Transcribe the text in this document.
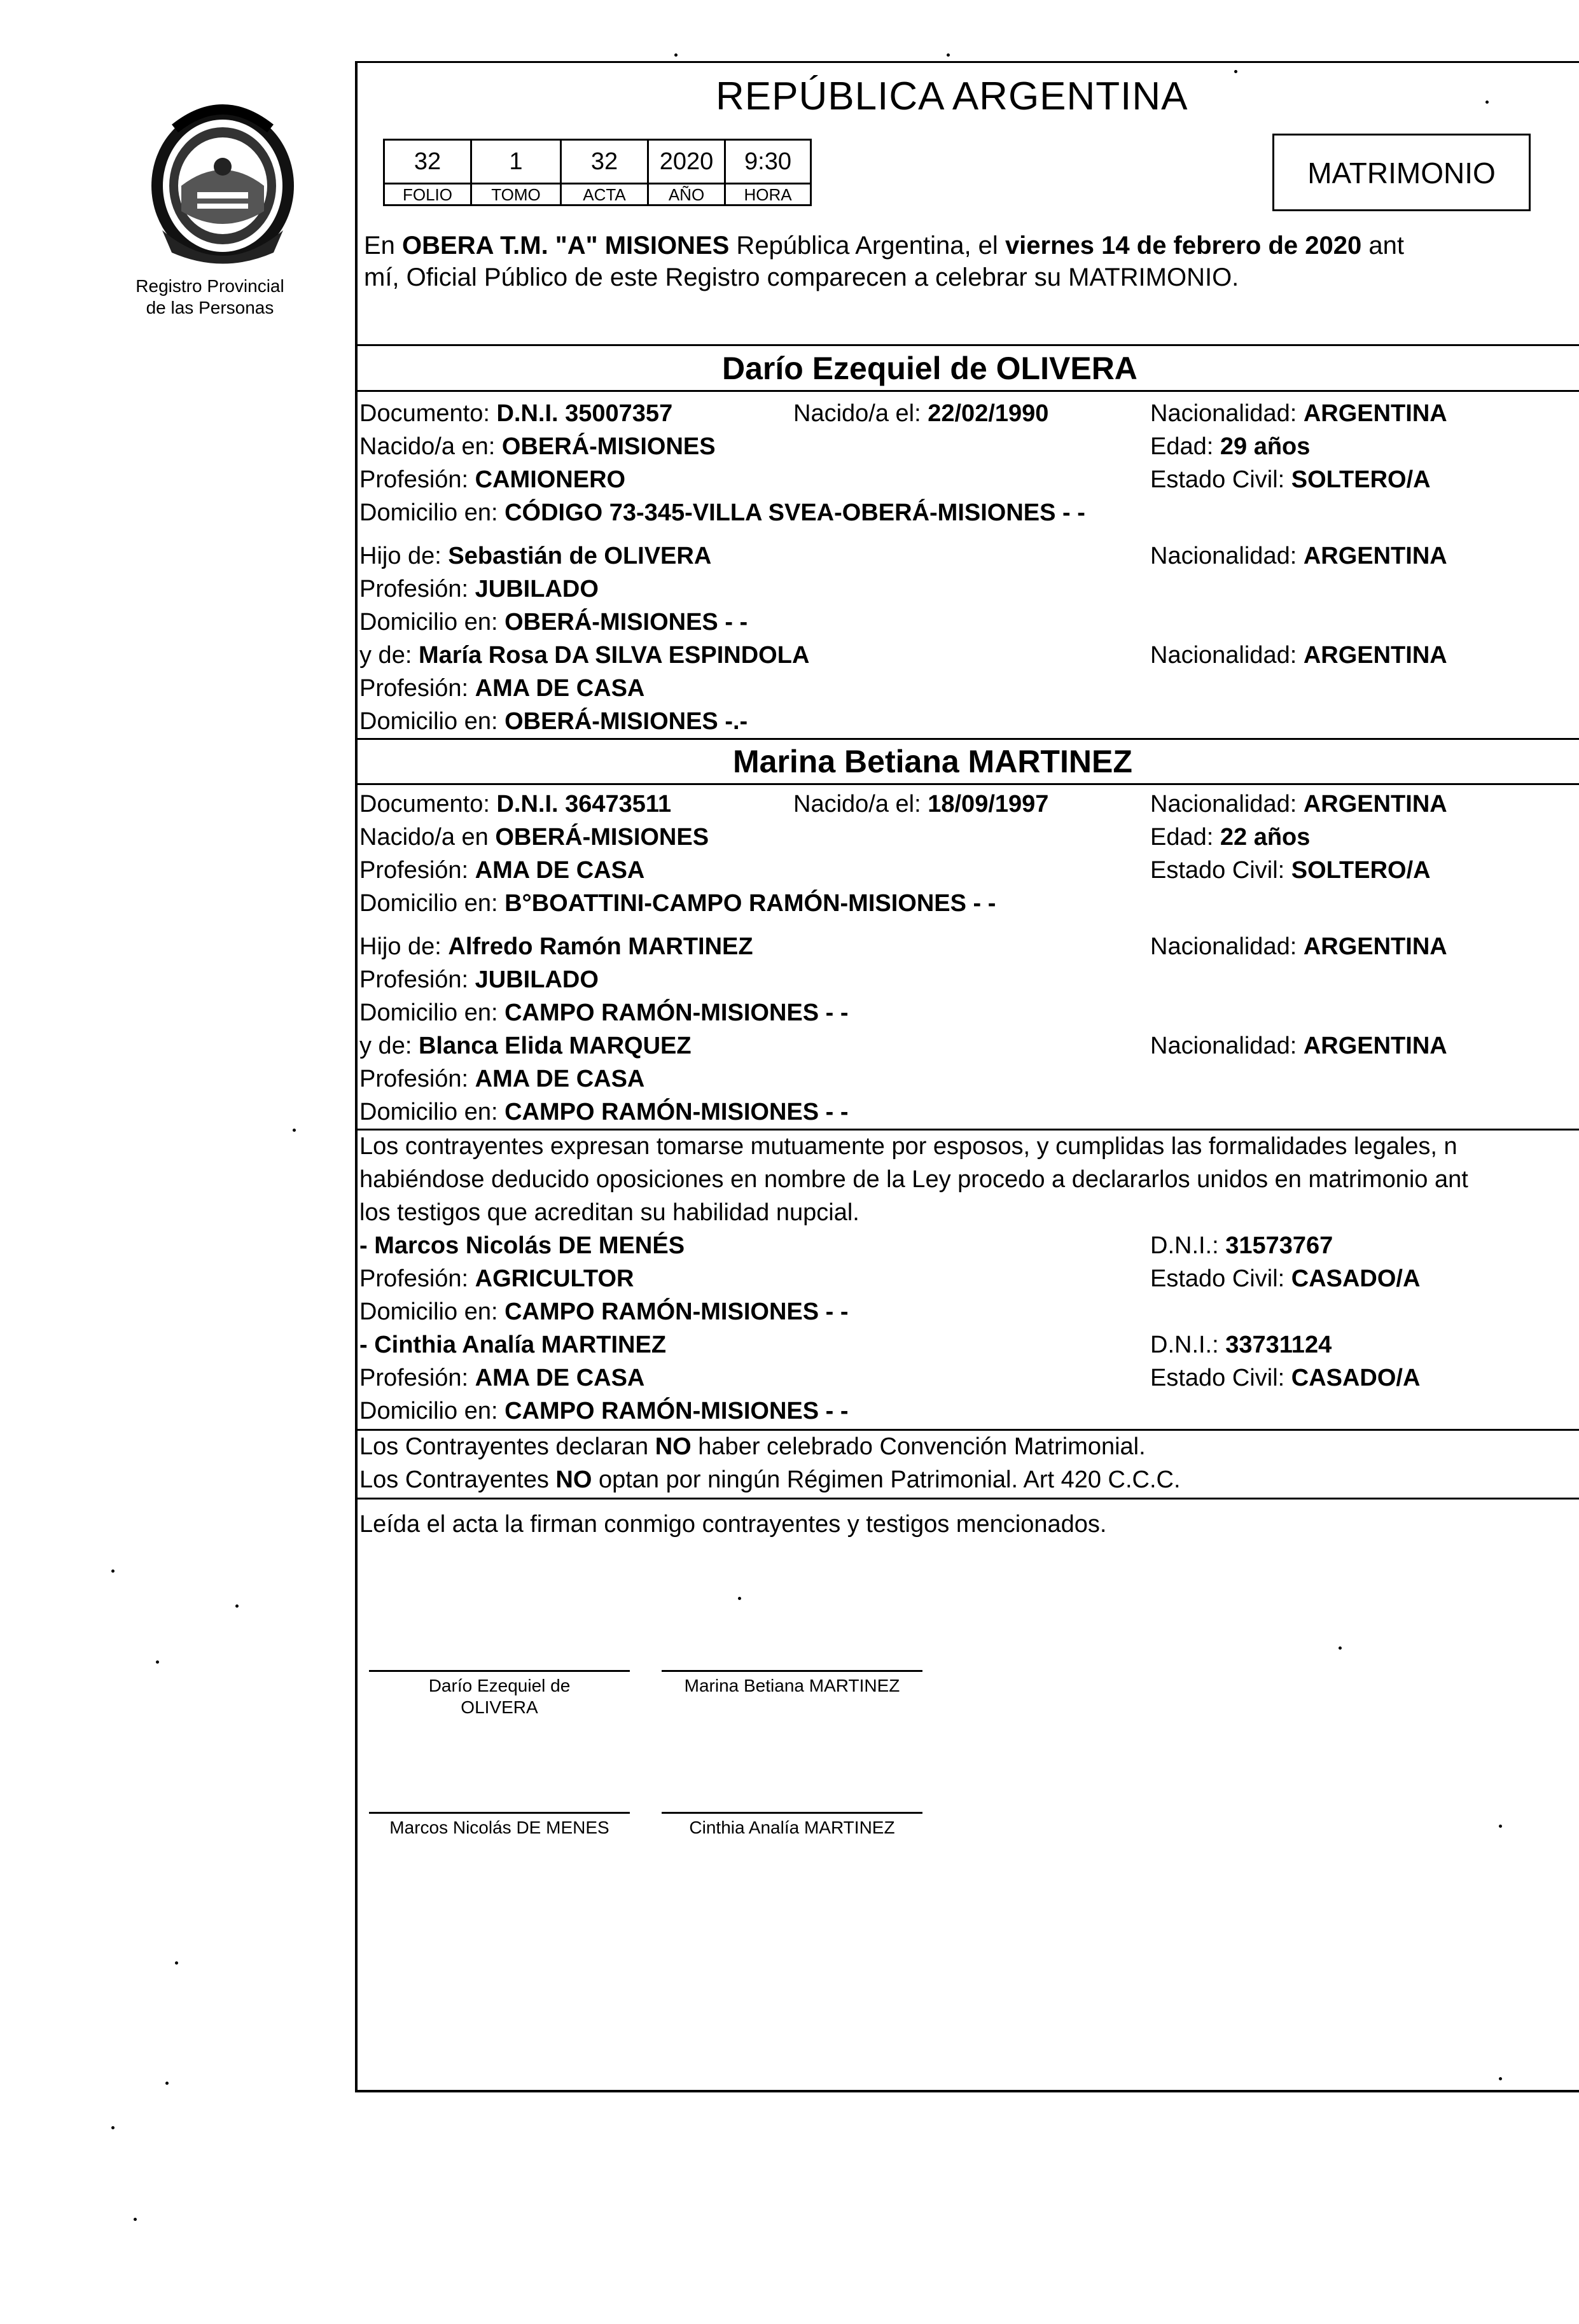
Registro Provincial
de las Personas
REPÚBLICA ARGENTINA
32	1	32	2020	9:30
FOLIO	TOMO	ACTA	AÑO	HORA
MATRIMONIO
En OBERA T.M. "A" MISIONES República Argentina, el viernes 14 de febrero de 2020 ant
mí, Oficial Público de este Registro comparecen a celebrar su MATRIMONIO.
Darío Ezequiel de OLIVERA
Documento: D.N.I. 35007357	Nacido/a el: 22/02/1990	Nacionalidad: ARGENTINA
Nacido/a en: OBERÁ-MISIONES	Edad: 29 años
Profesión: CAMIONERO	Estado Civil: SOLTERO/A
Domicilio en: CÓDIGO 73-345-VILLA SVEA-OBERÁ-MISIONES - -
Hijo de: Sebastián de OLIVERA	Nacionalidad: ARGENTINA
Profesión: JUBILADO
Domicilio en: OBERÁ-MISIONES - -
y de: María Rosa DA SILVA ESPINDOLA	Nacionalidad: ARGENTINA
Profesión: AMA DE CASA
Domicilio en: OBERÁ-MISIONES -.-
Marina Betiana MARTINEZ
Documento: D.N.I. 36473511	Nacido/a el: 18/09/1997	Nacionalidad: ARGENTINA
Nacido/a en OBERÁ-MISIONES	Edad: 22 años
Profesión: AMA DE CASA	Estado Civil: SOLTERO/A
Domicilio en: B°BOATTINI-CAMPO RAMÓN-MISIONES - -
Hijo de: Alfredo Ramón MARTINEZ	Nacionalidad: ARGENTINA
Profesión: JUBILADO
Domicilio en: CAMPO RAMÓN-MISIONES - -
y de: Blanca Elida MARQUEZ	Nacionalidad: ARGENTINA
Profesión: AMA DE CASA
Domicilio en: CAMPO RAMÓN-MISIONES - -
Los contrayentes expresan tomarse mutuamente por esposos, y cumplidas las formalidades legales, n
habiéndose deducido oposiciones en nombre de la Ley procedo a declararlos unidos en matrimonio ant
los testigos que acreditan su habilidad nupcial.
- Marcos Nicolás DE MENÉS	D.N.I.: 31573767
Profesión: AGRICULTOR	Estado Civil: CASADO/A
Domicilio en: CAMPO RAMÓN-MISIONES - -
- Cinthia Analía MARTINEZ	D.N.I.: 33731124
Profesión: AMA DE CASA	Estado Civil: CASADO/A
Domicilio en: CAMPO RAMÓN-MISIONES - -
Los Contrayentes declaran NO haber celebrado Convención Matrimonial.
Los Contrayentes NO optan por ningún Régimen Patrimonial. Art 420 C.C.C.
Leída el acta la firman conmigo contrayentes y testigos mencionados.
Darío Ezequiel de
OLIVERA
Marina Betiana MARTINEZ
Marcos Nicolás DE MENES	Cinthia Analía MARTINEZ
